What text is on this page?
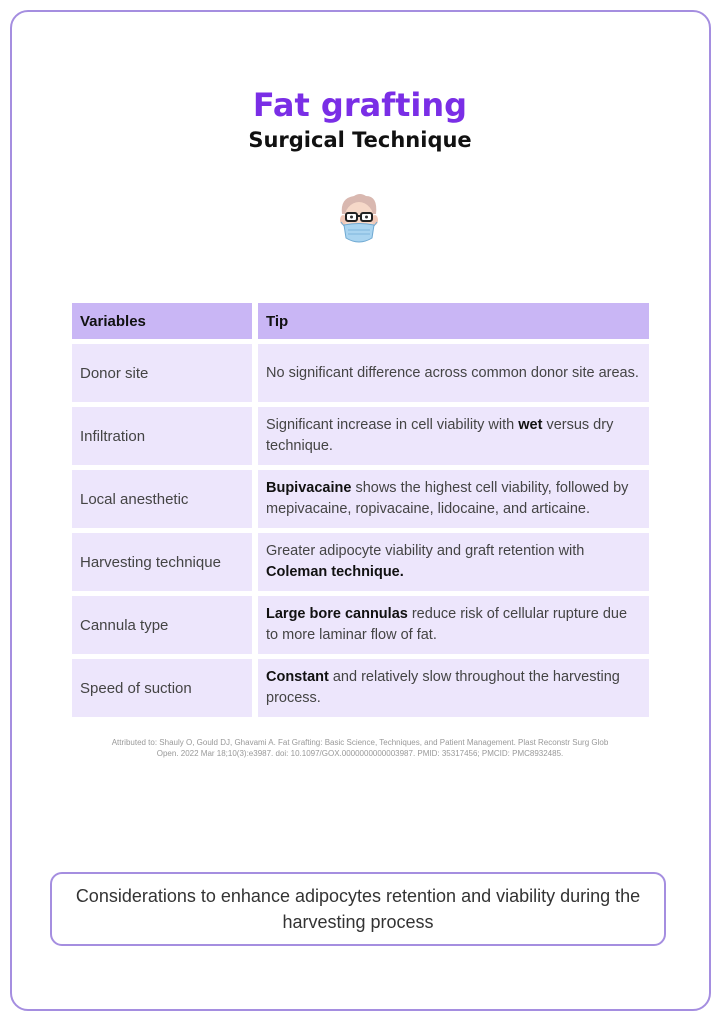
Fat grafting
Surgical Technique
Variables	Tip
Donor site	No significant difference across common donor site areas.
Infiltration
Significant increase in cell viability with wet versus dry technique.
Local anesthetic
Bupivacaine shows the highest cell viability, followed by mepivacaine, ropivacaine, lidocaine, and articaine.
Harvesting technique
Greater adipocyte viability and graft retention with Coleman technique.
Cannula type
Large bore cannulas reduce risk of cellular rupture due to more laminar flow of fat.
Speed of suction
Constant and relatively slow throughout the harvesting process.
Attributed to: Shauly O, Gould DJ, Ghavami A. Fat Grafting: Basic Science, Techniques, and Patient Management. Plast Reconstr Surg Glob Open. 2022 Mar 18;10(3):e3987. doi: 10.1097/GOX.0000000000003987. PMID: 35317456; PMCID: PMC8932485.
Considerations to enhance adipocytes retention and viability during the harvesting process
